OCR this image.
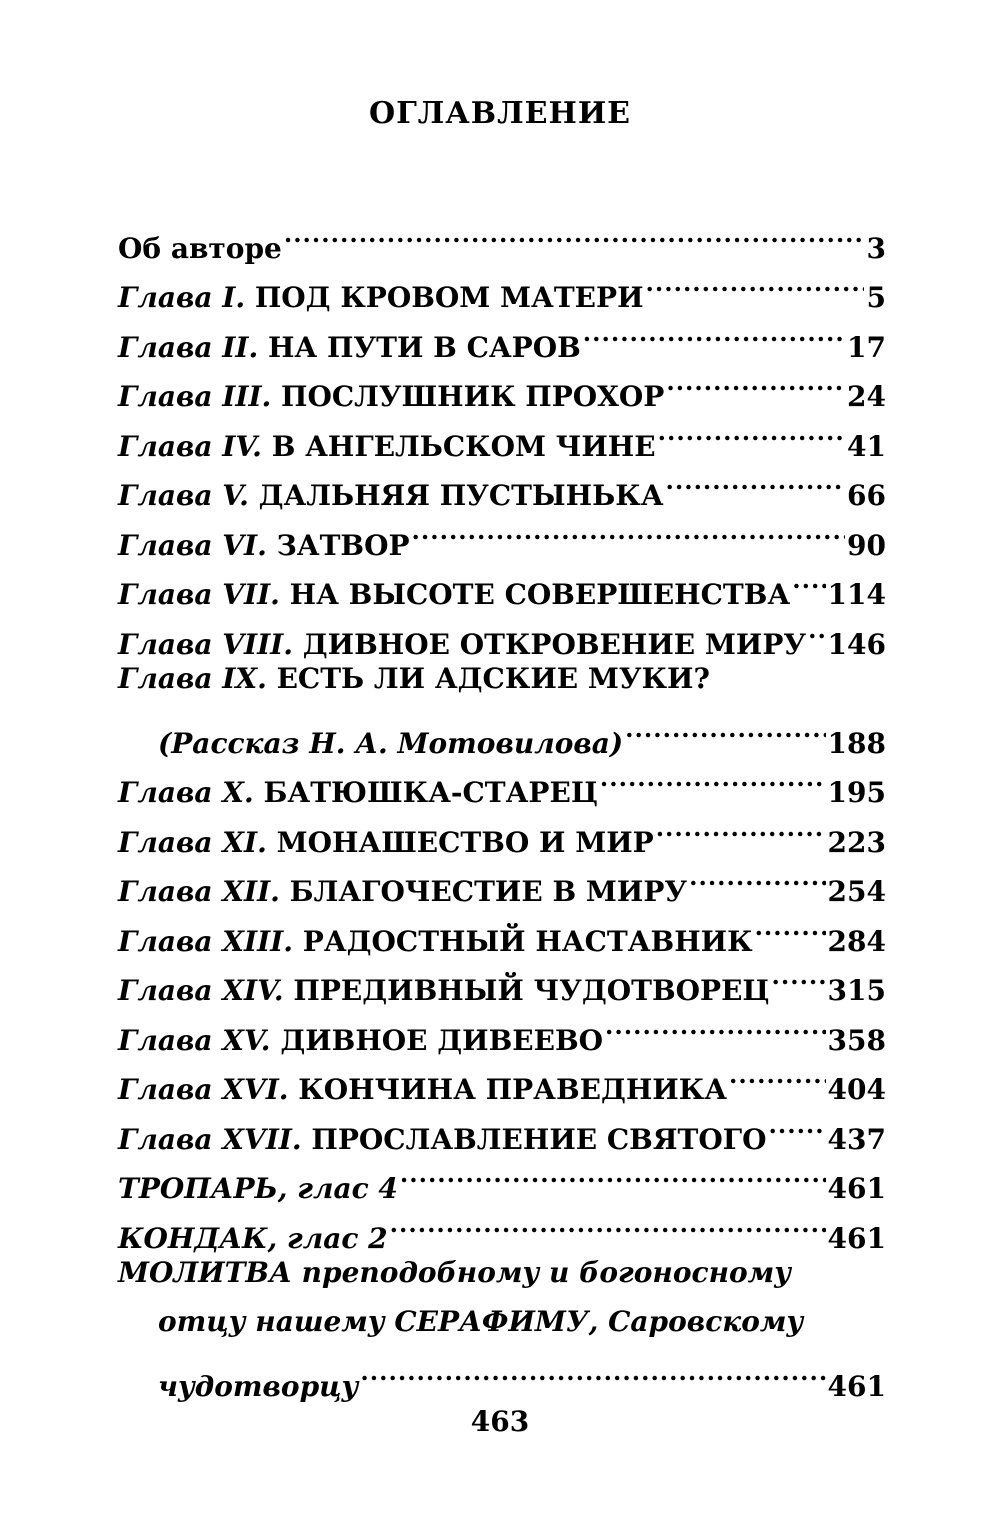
ОГЛАВЛЕНИЕ
Об авторе .....	3
Глава I. ПОД КРОВОМ МАТЕРИ .....	5
Глава II. НА ПУТИ В САРОВ .....	17
Глава III. ПОСЛУШНИК ПРОХОР .....	24
Глава IV. В АНГЕЛЬСКОМ ЧИНЕ .....	41
Глава V. ДАЛЬНЯЯ ПУСТЫНЬКА .....	66
Глава VI. ЗАТВОР .....	90
Глава VII. НА ВЫСОТЕ СОВЕРШЕНСТВА ..... 114
Глава VIII. ДИВНОЕ ОТКРОВЕНИЕ МИРУ ..... 146
Глава IX. ЕСТЬ ЛИ АДСКИЕ МУКИ?
(Рассказ Н. А. Мотовилова) .....	188
Глава X. БАТЮШКА-СТАРЕЦ .....	195
Глава XI. МОНАШЕСТВО И МИР .....	223
Глава XII. БЛАГОЧЕСТИЕ В МИРУ .....	254
Глава XIII. РАДОСТНЫЙ НАСТАВНИК .....	284
Глава XIV. ПРЕДИВНЫЙ ЧУДОТВОРЕЦ ..... 315
Глава XV. ДИВНОЕ ДИВЕЕВО .....	358
Глава XVI. КОНЧИНА ПРАВЕДНИКА .....	404
Глава XVII. ПРОСЛАВЛЕНИЕ СВЯТОГО ..... 437
ТРОПАРЬ, глас 4 .....	461
КОНДАК, глас 2 .....	461
МОЛИТВА преподобному и богоносному
отцу нашему СЕРАФИМУ, Саровскому
чудотворцу .....	461
463
